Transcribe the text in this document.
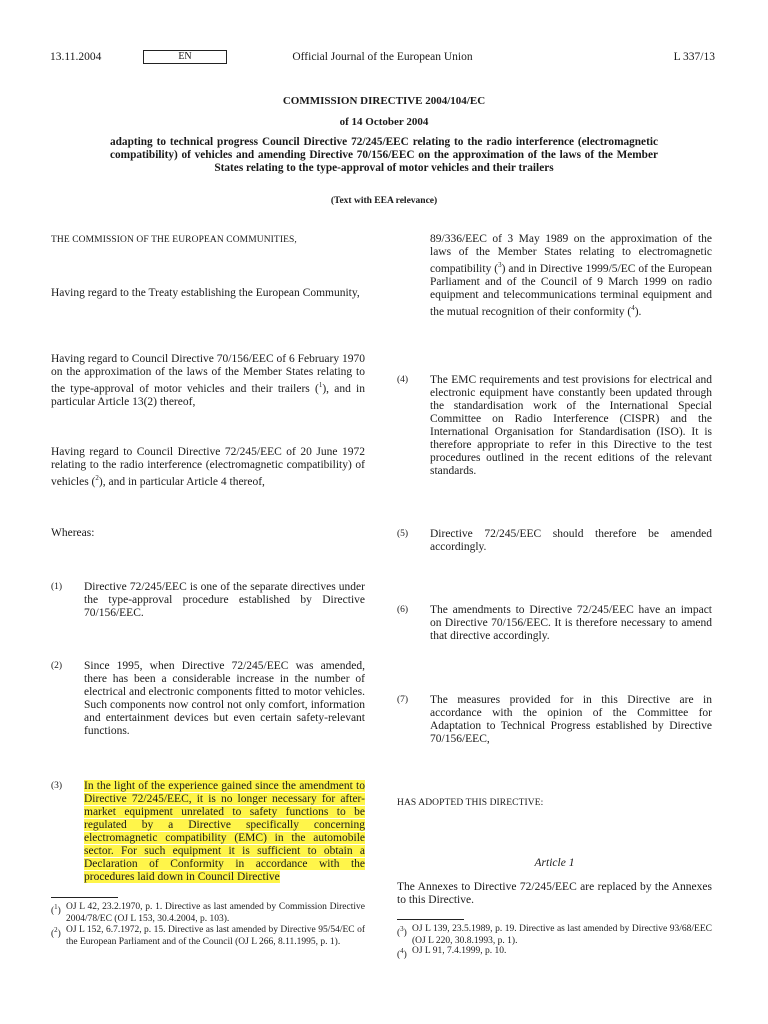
13.11.2004	EN	Official Journal of the European Union	L 337/13
COMMISSION DIRECTIVE 2004/104/EC
of 14 October 2004
adapting to technical progress Council Directive 72/245/EEC relating to the radio interference (electromagnetic compatibility) of vehicles and amending Directive 70/156/EEC on the approximation of the laws of the Member States relating to the type-approval of motor vehicles and their trailers
(Text with EEA relevance)
THE COMMISSION OF THE EUROPEAN COMMUNITIES,
Having regard to the Treaty establishing the European Community,
Having regard to Council Directive 70/156/EEC of 6 February 1970 on the approximation of the laws of the Member States relating to the type-approval of motor vehicles and their trailers ($^1$), and in particular Article 13(2) thereof,
Having regard to Council Directive 72/245/EEC of 20 June 1972 relating to the radio interference (electromagnetic compatibility) of vehicles ($^2$), and in particular Article 4 thereof,
Whereas:
(1) Directive 72/245/EEC is one of the separate directives under the type-approval procedure established by Directive 70/156/EEC.
(2) Since 1995, when Directive 72/245/EEC was amended, there has been a considerable increase in the number of electrical and electronic components fitted to motor vehicles. Such components now control not only comfort, information and entertainment devices but even certain safety-relevant functions.
(3) In the light of the experience gained since the amendment to Directive 72/245/EEC, it is no longer necessary for after-market equipment unrelated to safety functions to be regulated by a Directive specifically concerning electromagnetic compatibility (EMC) in the automobile sector. For such equipment it is sufficient to obtain a Declaration of Conformity in accordance with the procedures laid down in Council Directive
($^1$) OJ L 42, 23.2.1970, p. 1. Directive as last amended by Commission Directive 2004/78/EC (OJ L 153, 30.4.2004, p. 103).
($^2$) OJ L 152, 6.7.1972, p. 15. Directive as last amended by Directive 95/54/EC of the European Parliament and of the Council (OJ L 266, 8.11.1995, p. 1).
89/336/EEC of 3 May 1989 on the approximation of the laws of the Member States relating to electromagnetic compatibility ($^3$) and in Directive 1999/5/EC of the European Parliament and of the Council of 9 March 1999 on radio equipment and telecommunications terminal equipment and the mutual recognition of their conformity ($^4$).
(4) The EMC requirements and test provisions for electrical and electronic equipment have constantly been updated through the standardisation work of the International Special Committee on Radio Interference (CISPR) and the International Organisation for Standardisation (ISO). It is therefore appropriate to refer in this Directive to the test procedures outlined in the recent editions of the relevant standards.
(5) Directive 72/245/EEC should therefore be amended accordingly.
(6) The amendments to Directive 72/245/EEC have an impact on Directive 70/156/EEC. It is therefore necessary to amend that directive accordingly.
(7) The measures provided for in this Directive are in accordance with the opinion of the Committee for Adaptation to Technical Progress established by Directive 70/156/EEC,
HAS ADOPTED THIS DIRECTIVE:
Article 1
The Annexes to Directive 72/245/EEC are replaced by the Annexes to this Directive.
($^3$) OJ L 139, 23.5.1989, p. 19. Directive as last amended by Directive 93/68/EEC (OJ L 220, 30.8.1993, p. 1).
($^4$) OJ L 91, 7.4.1999, p. 10.
